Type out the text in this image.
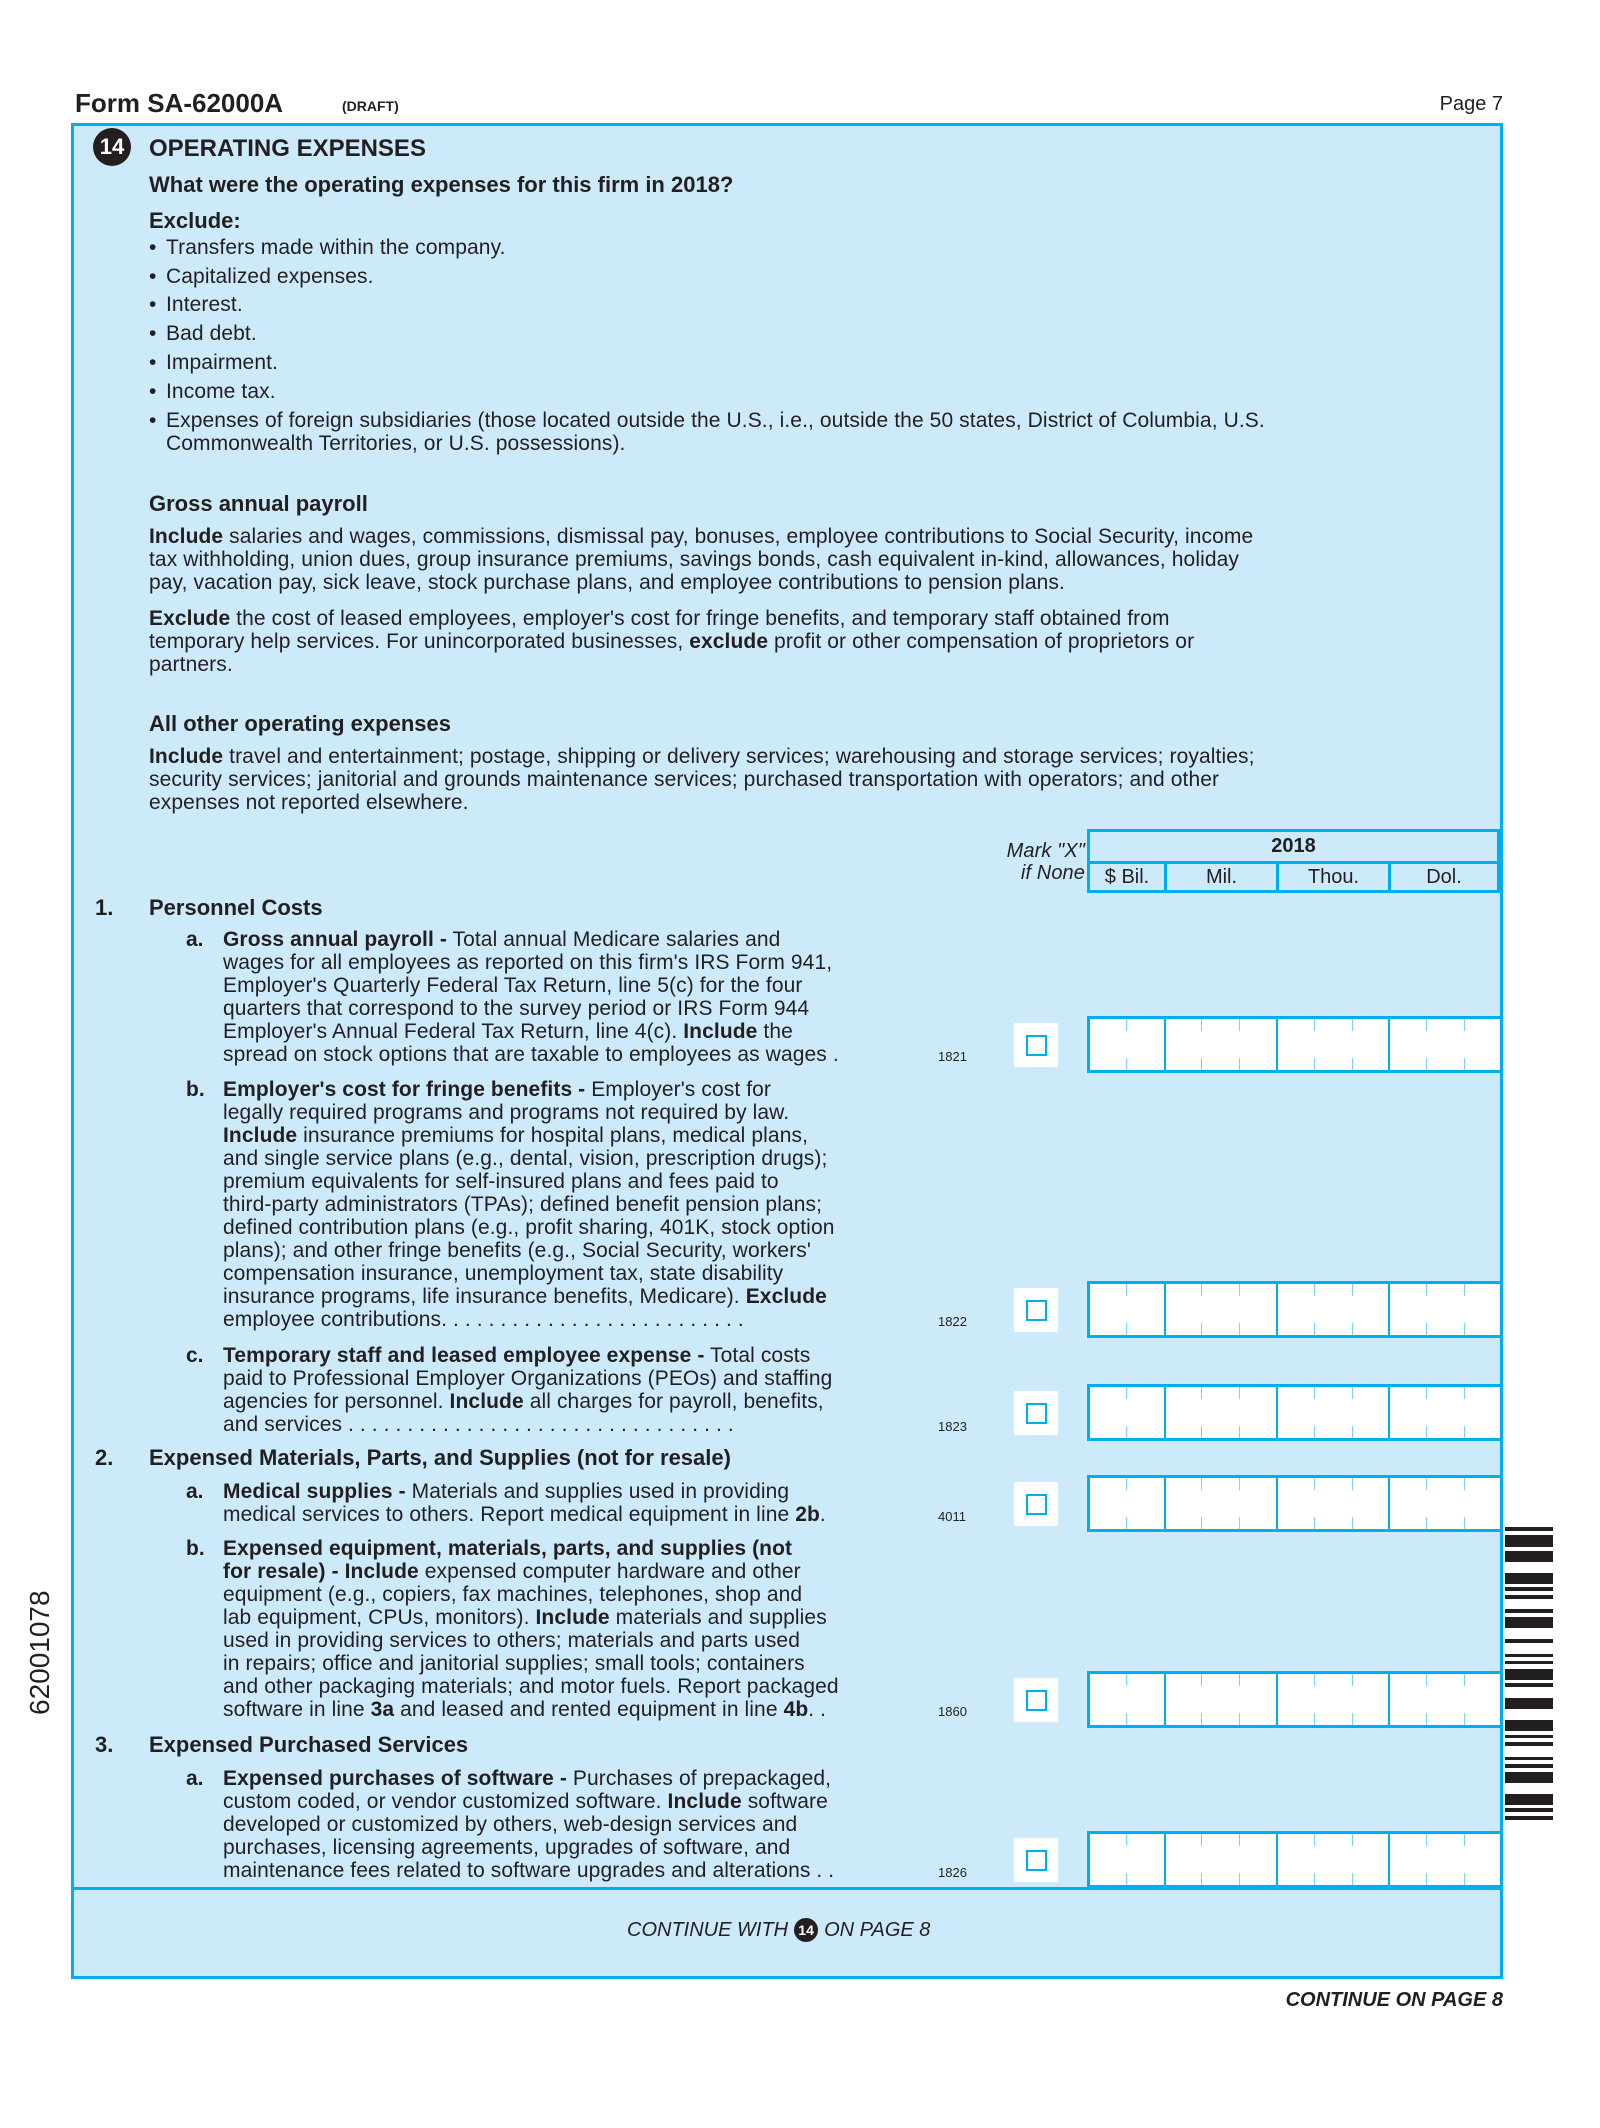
Form SA-62000A	(DRAFT)	Page 7
14 OPERATING EXPENSES
What were the operating expenses for this firm in 2018?
Exclude:
Gross annual payroll
Include salaries and wages, commissions, dismissal pay, bonuses, employee contributions to Social Security, income
tax withholding, union dues, group insurance premiums, savings bonds, cash equivalent in-kind, allowances, holiday
pay, vacation pay, sick leave, stock purchase plans, and employee contributions to pension plans.
Exclude the cost of leased employees, employer's cost for fringe benefits, and temporary staff obtained from
temporary help services. For unincorporated businesses, exclude profit or other compensation of proprietors or
partners.
All other operating expenses
Include travel and entertainment; postage, shipping or delivery services; warehousing and storage services; royalties;
security services; janitorial and grounds maintenance services; purchased transportation with operators; and other
expenses not reported elsewhere.
Mark "X"
if None
2018
CONTINUE WITH 14 ON PAGE 8
CONTINUE ON PAGE 8
62001078
• Transfers made within the company.
• Capitalized expenses.
• Interest.
• Bad debt.
• Impairment.
• Income tax.
• Expenses of foreign subsidiaries (those located outside the U.S., i.e., outside the 50 states, District of Columbia, U.S.
Commonwealth Territories, or U.S. possessions).
$ Bil.	Mil.	Thou.	Dol.
1. Personnel Costs
2. Expensed Materials, Parts, and Supplies (not for resale)
3. Expensed Purchased Services
a. Gross annual payroll - Total annual Medicare salaries and
wages for all employees as reported on this firm's IRS Form 941,
Employer's Quarterly Federal Tax Return, line 5(c) for the four
quarters that correspond to the survey period or IRS Form 944
Employer's Annual Federal Tax Return, line 4(c). Include the
spread on stock options that are taxable to employees as wages .	1821
b. Employer's cost for fringe benefits - Employer's cost for
legally required programs and programs not required by law.
Include insurance premiums for hospital plans, medical plans,
and single service plans (e.g., dental, vision, prescription drugs);
premium equivalents for self-insured plans and fees paid to
third-party administrators (TPAs); defined benefit pension plans;
defined contribution plans (e.g., profit sharing, 401K, stock option
plans); and other fringe benefits (e.g., Social Security, workers'
compensation insurance, unemployment tax, state disability
insurance programs, life insurance benefits, Medicare). Exclude
employee contributions. . . . . . . . . . . . . . . . . . . . . . . . . .	1822
c. Temporary staff and leased employee expense - Total costs
paid to Professional Employer Organizations (PEOs) and staffing
agencies for personnel. Include all charges for payroll, benefits,
and services . . . . . . . . . . . . . . . . . . . . . . . . . . . . . . . . .	1823
a. Medical supplies - Materials and supplies used in providing
medical services to others. Report medical equipment in line 2b.	4011
b. Expensed equipment, materials, parts, and supplies (not
for resale) - Include expensed computer hardware and other
equipment (e.g., copiers, fax machines, telephones, shop and
lab equipment, CPUs, monitors). Include materials and supplies
used in providing services to others; materials and parts used
in repairs; office and janitorial supplies; small tools; containers
and other packaging materials; and motor fuels. Report packaged
software in line 3a and leased and rented equipment in line 4b. .	1860
a. Expensed purchases of software - Purchases of prepackaged,
custom coded, or vendor customized software. Include software
developed or customized by others, web-design services and
purchases, licensing agreements, upgrades of software, and
maintenance fees related to software upgrades and alterations . .	1826
